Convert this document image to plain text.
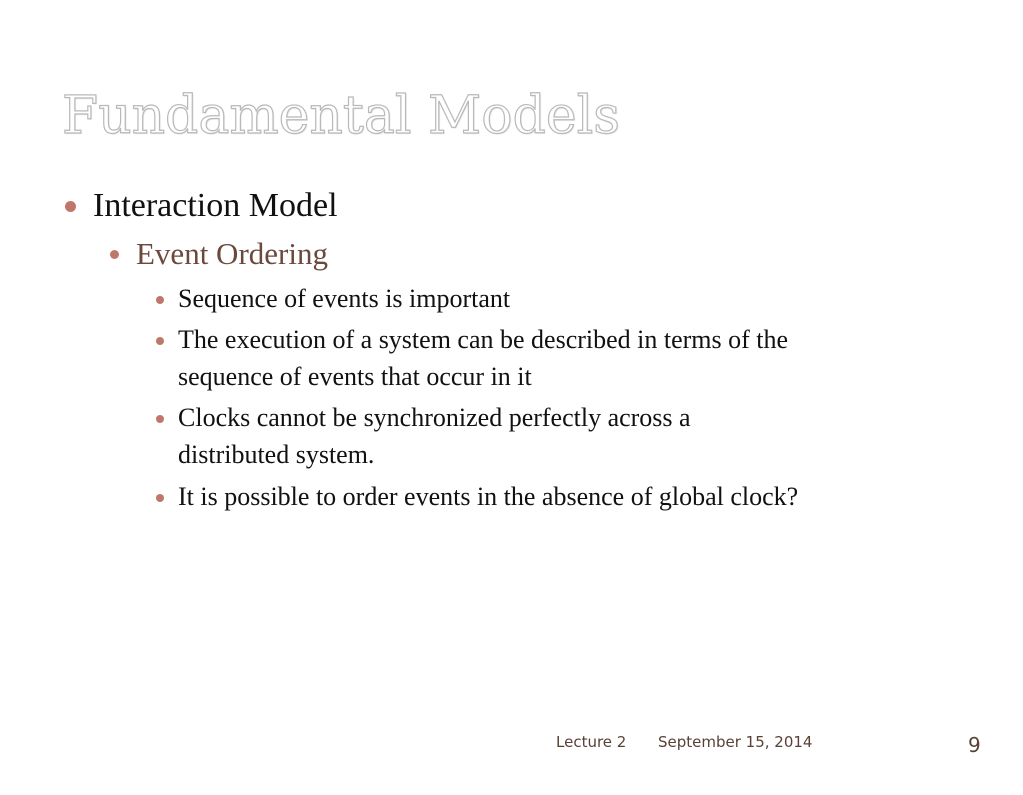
Fundamental Models
Interaction Model
Event Ordering
Sequence of events is important
The execution of a system can be described in terms of the
sequence of events that occur in it
Clocks cannot be synchronized perfectly across a
distributed system.
It is possible to order events in the absence of global clock?
Lecture 2 September 15, 2014	9
